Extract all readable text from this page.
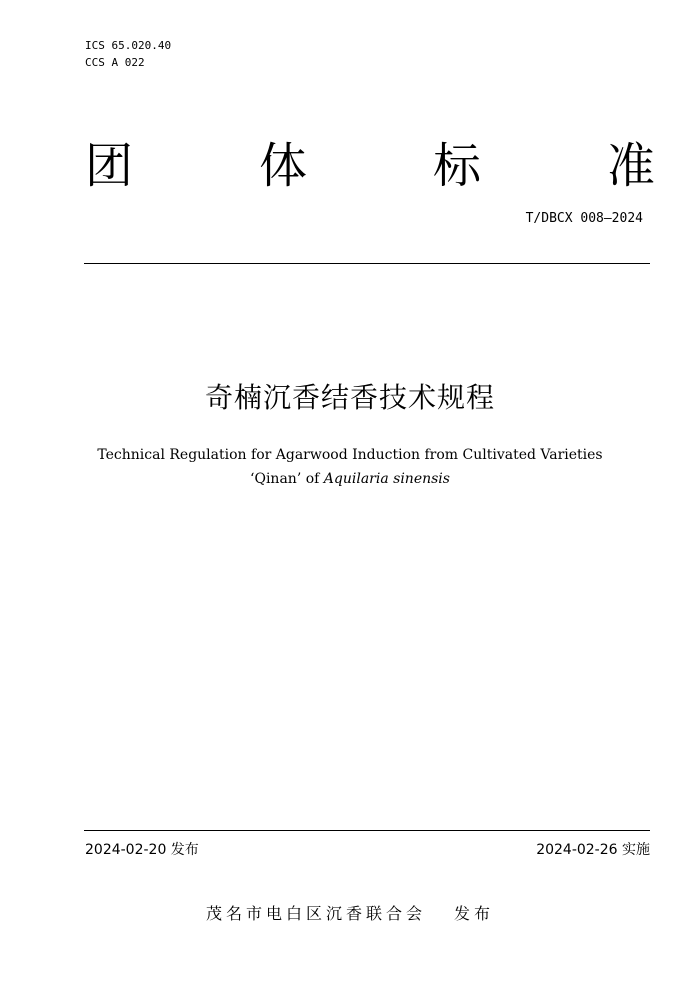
ICS 65.020.40
CCS A 022
团	体	标	准
T/DBCX 008—2024
奇楠沉香结香技术规程
Technical Regulation for Agarwood Induction from Cultivated Varieties
‘Qinan’ of Aquilaria sinensis
2024-02-20 发布	2024-02-26 实施
茂名市电白区沉香联合会 发布
